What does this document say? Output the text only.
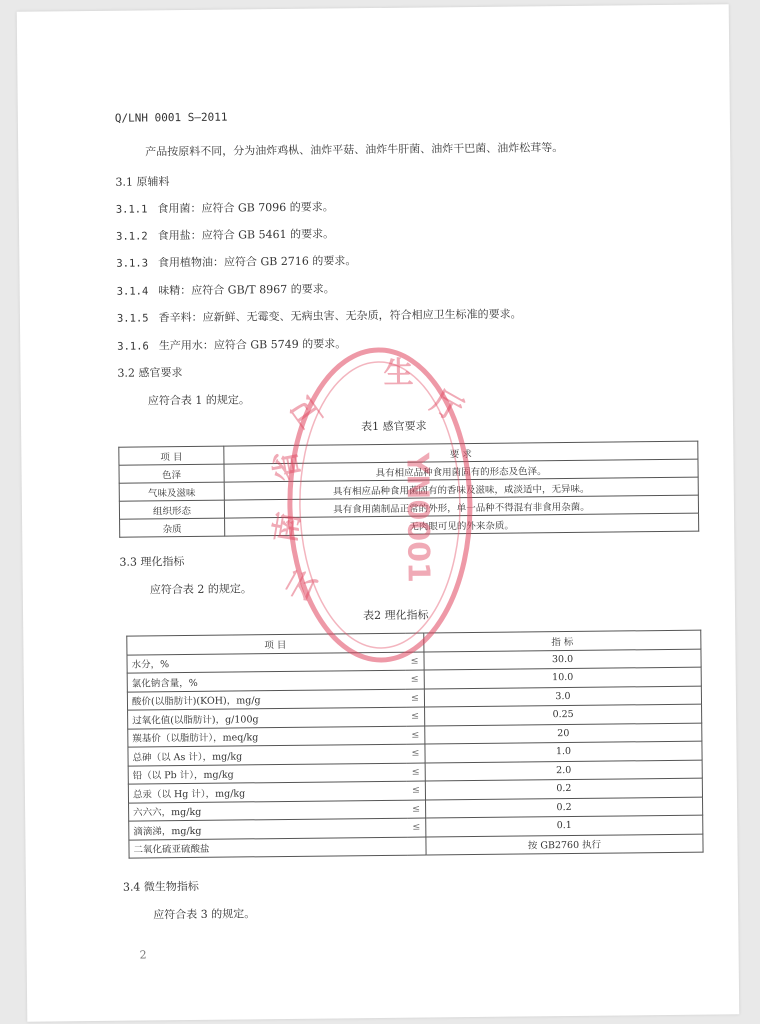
Q/LNH 0001 S—2011
产品按原料不同，分为油炸鸡枞、油炸平菇、油炸牛肝菌、油炸干巴菌、油炸松茸等。
3.1 原辅料
3.1.1 食用菌：应符合 GB 7096 的要求。
3.1.2 食用盐：应符合 GB 5461 的要求。
3.1.3 食用植物油：应符合 GB 2716 的要求。
3.1.4 味精：应符合 GB/T 8967 的要求。
3.1.5 香辛料：应新鲜、无霉变、无病虫害、无杂质，符合相应卫生标准的要求。
3.1.6 生产用水：应符合 GB 5749 的要求。
3.2 感官要求
应符合表 1 的规定。
表1 感官要求
项 目	要 求
色泽	具有相应品种食用菌固有的形态及色泽。
气味及滋味	具有相应品种食用菌固有的香味及滋味，咸淡适中，无异味。
组织形态	具有食用菌制品正常的外形，单一品种不得混有非食用杂菌。
杂质	无肉眼可见的外来杂质。
3.3 理化指标
应符合表 2 的规定。
表2 理化指标
项 目		指 标
水分，%	≤	30.0
氯化钠含量，%	≤	10.0
酸价(以脂肪计)(KOH)，mg/g	≤	3.0
过氧化值(以脂肪计)，g/100g	≤	0.25
羰基价（以脂肪计），meq/kg	≤	20
总砷（以 As 计），mg/kg	≤	1.0
铅（以 Pb 计），mg/kg	≤	2.0
总汞（以 Hg 计），mg/kg	≤	0.2
六六六，mg/kg	≤	0.2
滴滴涕，mg/kg	≤	0.1
二氧化硫亚硫酸盐		按 GB2760 执行
3.4 微生物指标
应符合表 3 的规定。
2
云
南
省
卫
生
厅
YN0001
